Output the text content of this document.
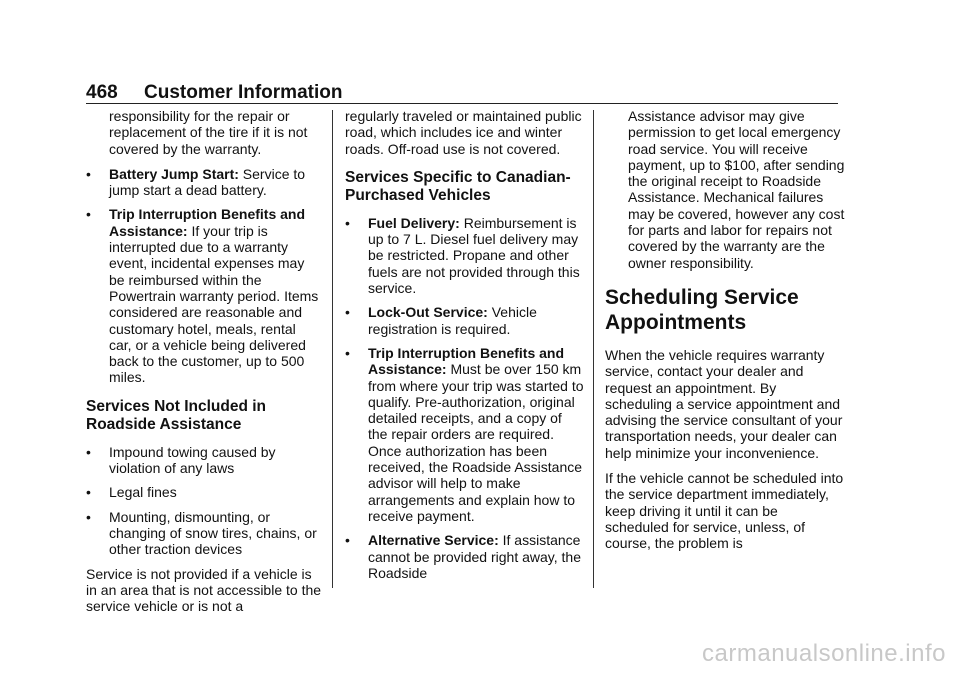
468 Customer Information

responsibility for the repair or replacement of the tire if it is not covered by the warranty.

• Battery Jump Start: Service to jump start a dead battery.
• Trip Interruption Benefits and Assistance: If your trip is interrupted due to a warranty event, incidental expenses may be reimbursed within the Powertrain warranty period. Items considered are reasonable and customary hotel, meals, rental car, or a vehicle being delivered back to the customer, up to 500 miles.
Services Not Included in Roadside Assistance
• Impound towing caused by violation of any laws
• Legal fines
• Mounting, dismounting, or changing of snow tires, chains, or other traction devices

Service is not provided if a vehicle is in an area that is not accessible to the service vehicle or is not a

regularly traveled or maintained public road, which includes ice and winter roads. Off-road use is not covered.

Services Specific to Canadian-Purchased Vehicles
• Fuel Delivery: Reimbursement is up to 7 L. Diesel fuel delivery may be restricted. Propane and other fuels are not provided through this service.
• Lock-Out Service: Vehicle registration is required.
• Trip Interruption Benefits and Assistance: Must be over 150 km from where your trip was started to qualify. Pre-authorization, original detailed receipts, and a copy of the repair orders are required. Once authorization has been received, the Roadside Assistance advisor will help to make arrangements and explain how to receive payment.
• Alternative Service: If assistance cannot be provided right away, the Roadside

Assistance advisor may give permission to get local emergency road service. You will receive payment, up to $100, after sending the original receipt to Roadside Assistance. Mechanical failures may be covered, however any cost for parts and labor for repairs not covered by the warranty are the owner responsibility.

Scheduling Service Appointments

When the vehicle requires warranty service, contact your dealer and request an appointment. By scheduling a service appointment and advising the service consultant of your transportation needs, your dealer can help minimize your inconvenience.

If the vehicle cannot be scheduled into the service department immediately, keep driving it until it can be scheduled for service, unless, of course, the problem is

carmanualsonline.info
